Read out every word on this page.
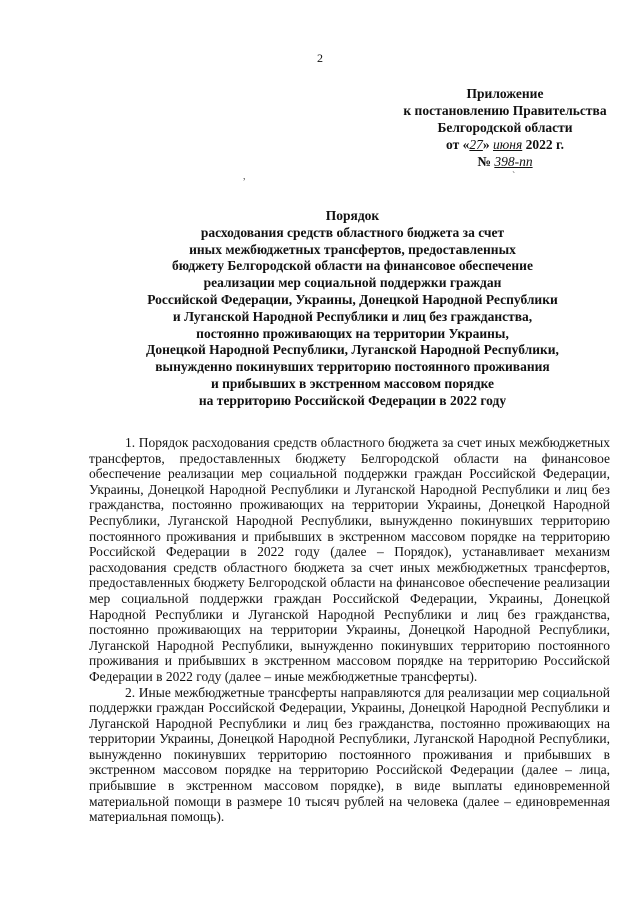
2
Приложение
к постановлению Правительства
Белгородской области
от «27» июня 2022 г.
№ 398-пп
,	`
Порядок
расходования средств областного бюджета за счет
иных межбюджетных трансфертов, предоставленных
бюджету Белгородской области на финансовое обеспечение
реализации мер социальной поддержки граждан
Российской Федерации, Украины, Донецкой Народной Республики
и Луганской Народной Республики и лиц без гражданства,
постоянно проживающих на территории Украины,
Донецкой Народной Республики, Луганской Народной Республики,
вынужденно покинувших территорию постоянного проживания
и прибывших в экстренном массовом порядке
на территорию Российской Федерации в 2022 году

1. Порядок расходования средств областного бюджета за счет иных межбюджетных трансфертов, предоставленных бюджету Белгородской области на финансовое обеспечение реализации мер социальной поддержки граждан Российской Федерации, Украины, Донецкой Народной Республики и Луганской Народной Республики и лиц без гражданства, постоянно проживающих на территории Украины, Донецкой Народной Республики, Луганской Народной Республики, вынужденно покинувших территорию постоянного проживания и прибывших в экстренном массовом порядке на территорию Российской Федерации в 2022 году (далее – Порядок), устанавливает механизм расходования средств областного бюджета за счет иных межбюджетных трансфертов, предоставленных бюджету Белгородской области на финансовое обеспечение реализации мер социальной поддержки граждан Российской Федерации, Украины, Донецкой Народной Республики и Луганской Народной Республики и лиц без гражданства, постоянно проживающих на территории Украины, Донецкой Народной Республики, Луганской Народной Республики, вынужденно покинувших территорию постоянного проживания и прибывших в экстренном массовом порядке на территорию Российской Федерации в 2022 году (далее – иные межбюджетные трансферты).

2. Иные межбюджетные трансферты направляются для реализации мер социальной поддержки граждан Российской Федерации, Украины, Донецкой Народной Республики и Луганской Народной Республики и лиц без гражданства, постоянно проживающих на территории Украины, Донецкой Народной Республики, Луганской Народной Республики, вынужденно покинувших территорию постоянного проживания и прибывших в экстренном массовом порядке на территорию Российской Федерации (далее – лица, прибывшие в экстренном массовом порядке), в виде выплаты единовременной материальной помощи в размере 10 тысяч рублей на человека (далее – единовременная материальная помощь).
